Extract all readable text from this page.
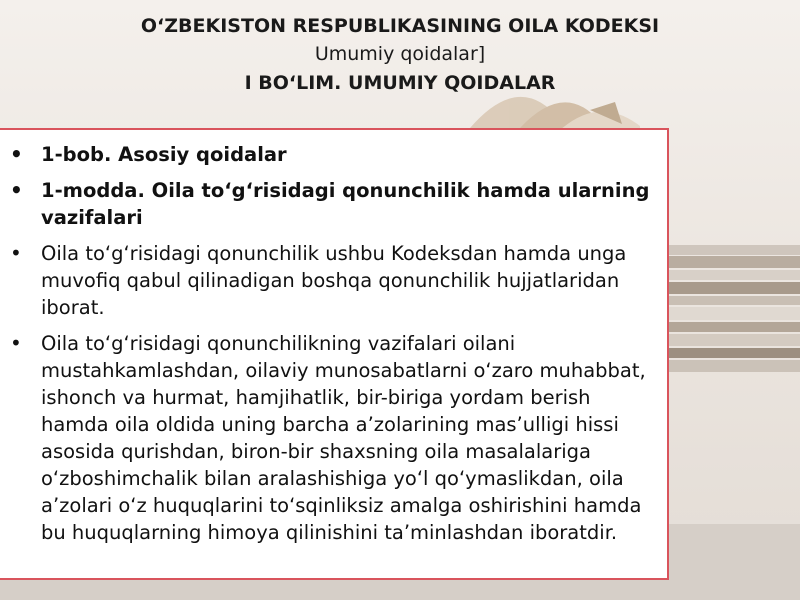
O‘ZBEKISTON RESPUBLIKASINING OILA KODEKSI
Umumiy qoidalar]
I BO‘LIM. UMUMIY QOIDALAR
• 1-bob. Asosiy qoidalar
• 1-modda. Oila to‘g‘risidagi qonunchilik hamda ularning vazifalari
• Oila to‘g‘risidagi qonunchilik ushbu Kodeksdan hamda unga muvofiq qabul qilinadigan boshqa qonunchilik hujjatlaridan iborat.
• Oila to‘g‘risidagi qonunchilikning vazifalari oilani mustahkamlashdan, oilaviy munosabatlarni o‘zaro muhabbat, ishonch va hurmat, hamjihatlik, bir-biriga yordam berish hamda oila oldida uning barcha a’zolarining mas’ulligi hissi asosida qurishdan, biron-bir shaxsning oila masalalariga o‘zboshimchalik bilan aralashishiga yo‘l qo‘ymaslikdan, oila a’zolari o‘z huquqlarini to‘sqinliksiz amalga oshirishini hamda bu huquqlarning himoya qilinishini ta’minlashdan iboratdir.
